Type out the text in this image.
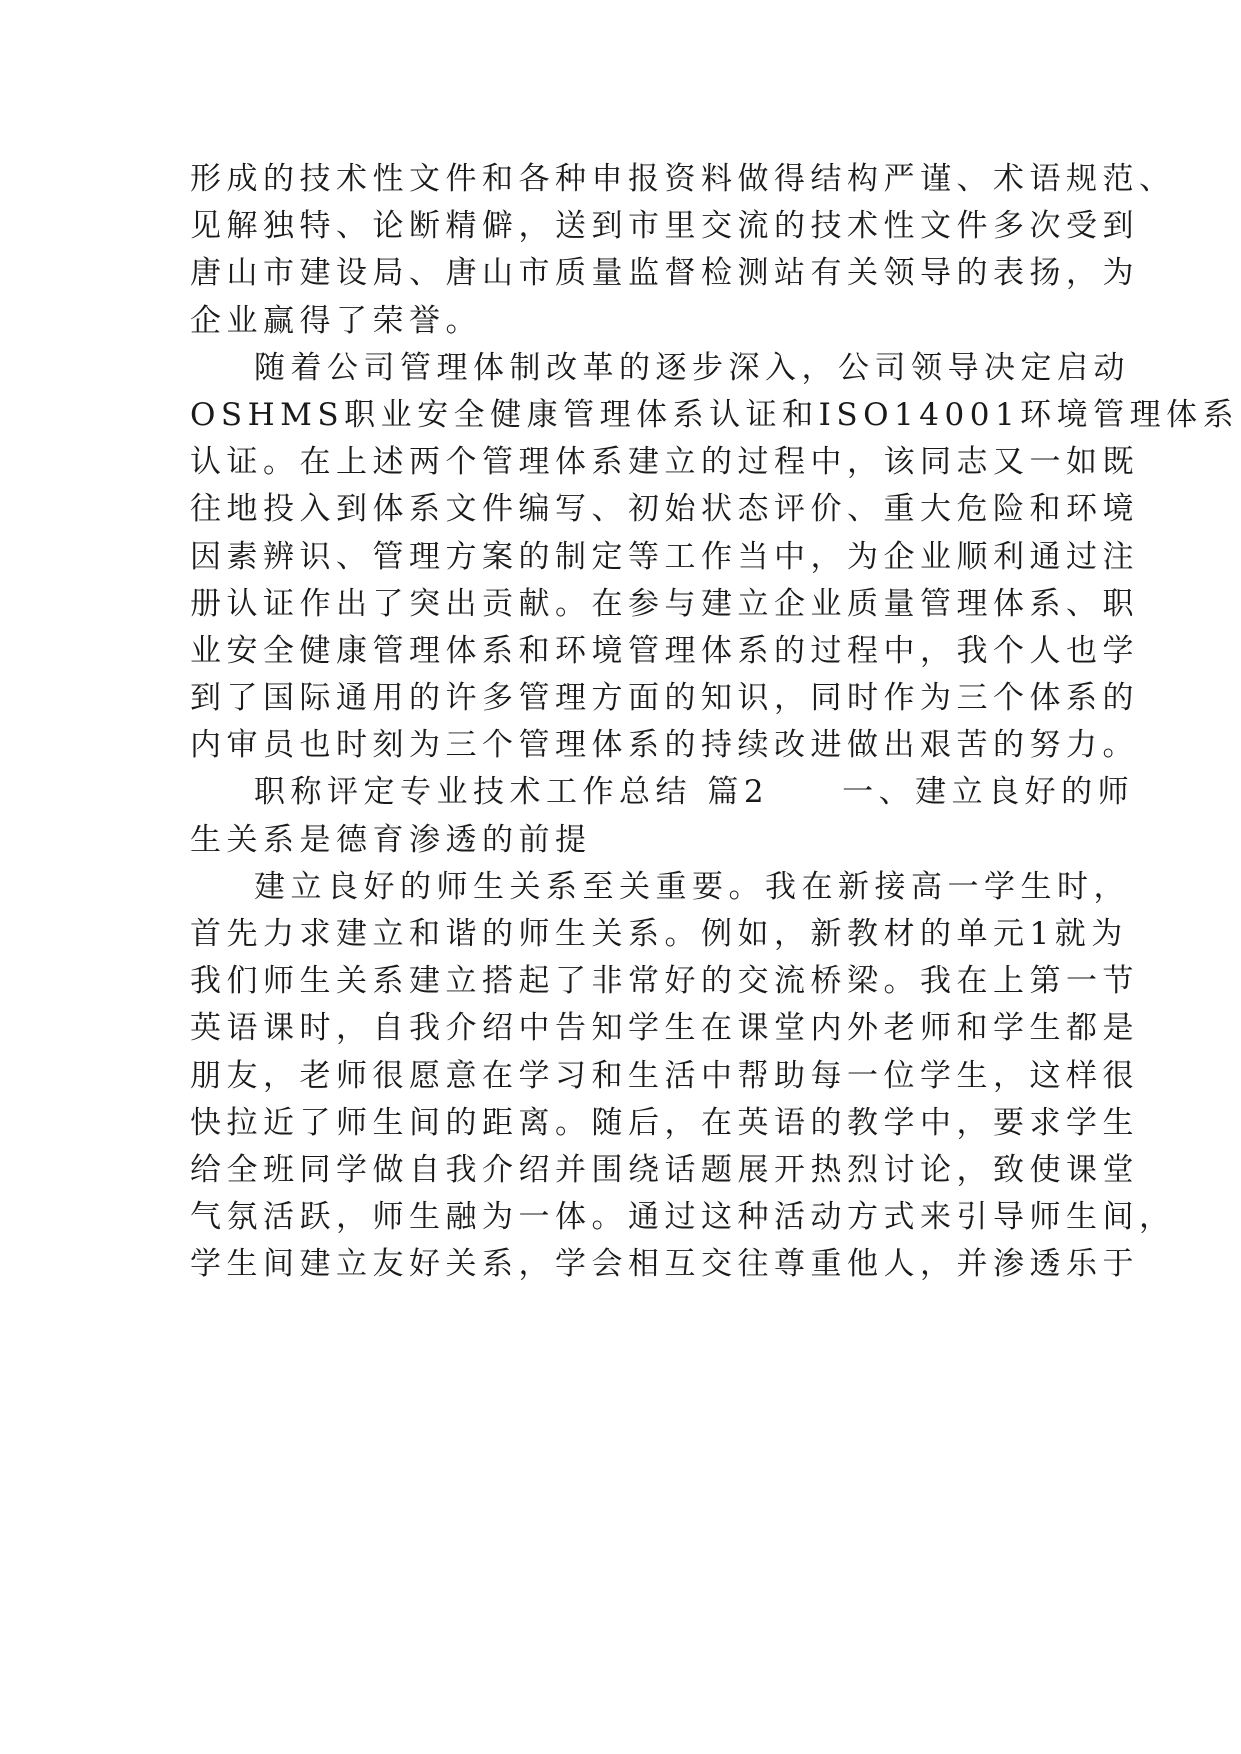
形成的技术性文件和各种申报资料做得结构严谨、术语规范、
见解独特、论断精僻，送到市里交流的技术性文件多次受到
唐山市建设局、唐山市质量监督检测站有关领导的表扬，为
企业赢得了荣誉。
随着公司管理体制改革的逐步深入，公司领导决定启动
OSHMS职业安全健康管理体系认证和ISO14001环境管理体系
认证。在上述两个管理体系建立的过程中，该同志又一如既
往地投入到体系文件编写、初始状态评价、重大危险和环境
因素辨识、管理方案的制定等工作当中，为企业顺利通过注
册认证作出了突出贡献。在参与建立企业质量管理体系、职
业安全健康管理体系和环境管理体系的过程中，我个人也学
到了国际通用的许多管理方面的知识，同时作为三个体系的
内审员也时刻为三个管理体系的持续改进做出艰苦的努力。
职称评定专业技术工作总结 篇2　　一、建立良好的师
生关系是德育渗透的前提
建立良好的师生关系至关重要。我在新接高一学生时，
首先力求建立和谐的师生关系。例如，新教材的单元1就为
我们师生关系建立搭起了非常好的交流桥梁。我在上第一节
英语课时，自我介绍中告知学生在课堂内外老师和学生都是
朋友，老师很愿意在学习和生活中帮助每一位学生，这样很
快拉近了师生间的距离。随后，在英语的教学中，要求学生
给全班同学做自我介绍并围绕话题展开热烈讨论，致使课堂
气氛活跃，师生融为一体。通过这种活动方式来引导师生间，
学生间建立友好关系，学会相互交往尊重他人，并渗透乐于
